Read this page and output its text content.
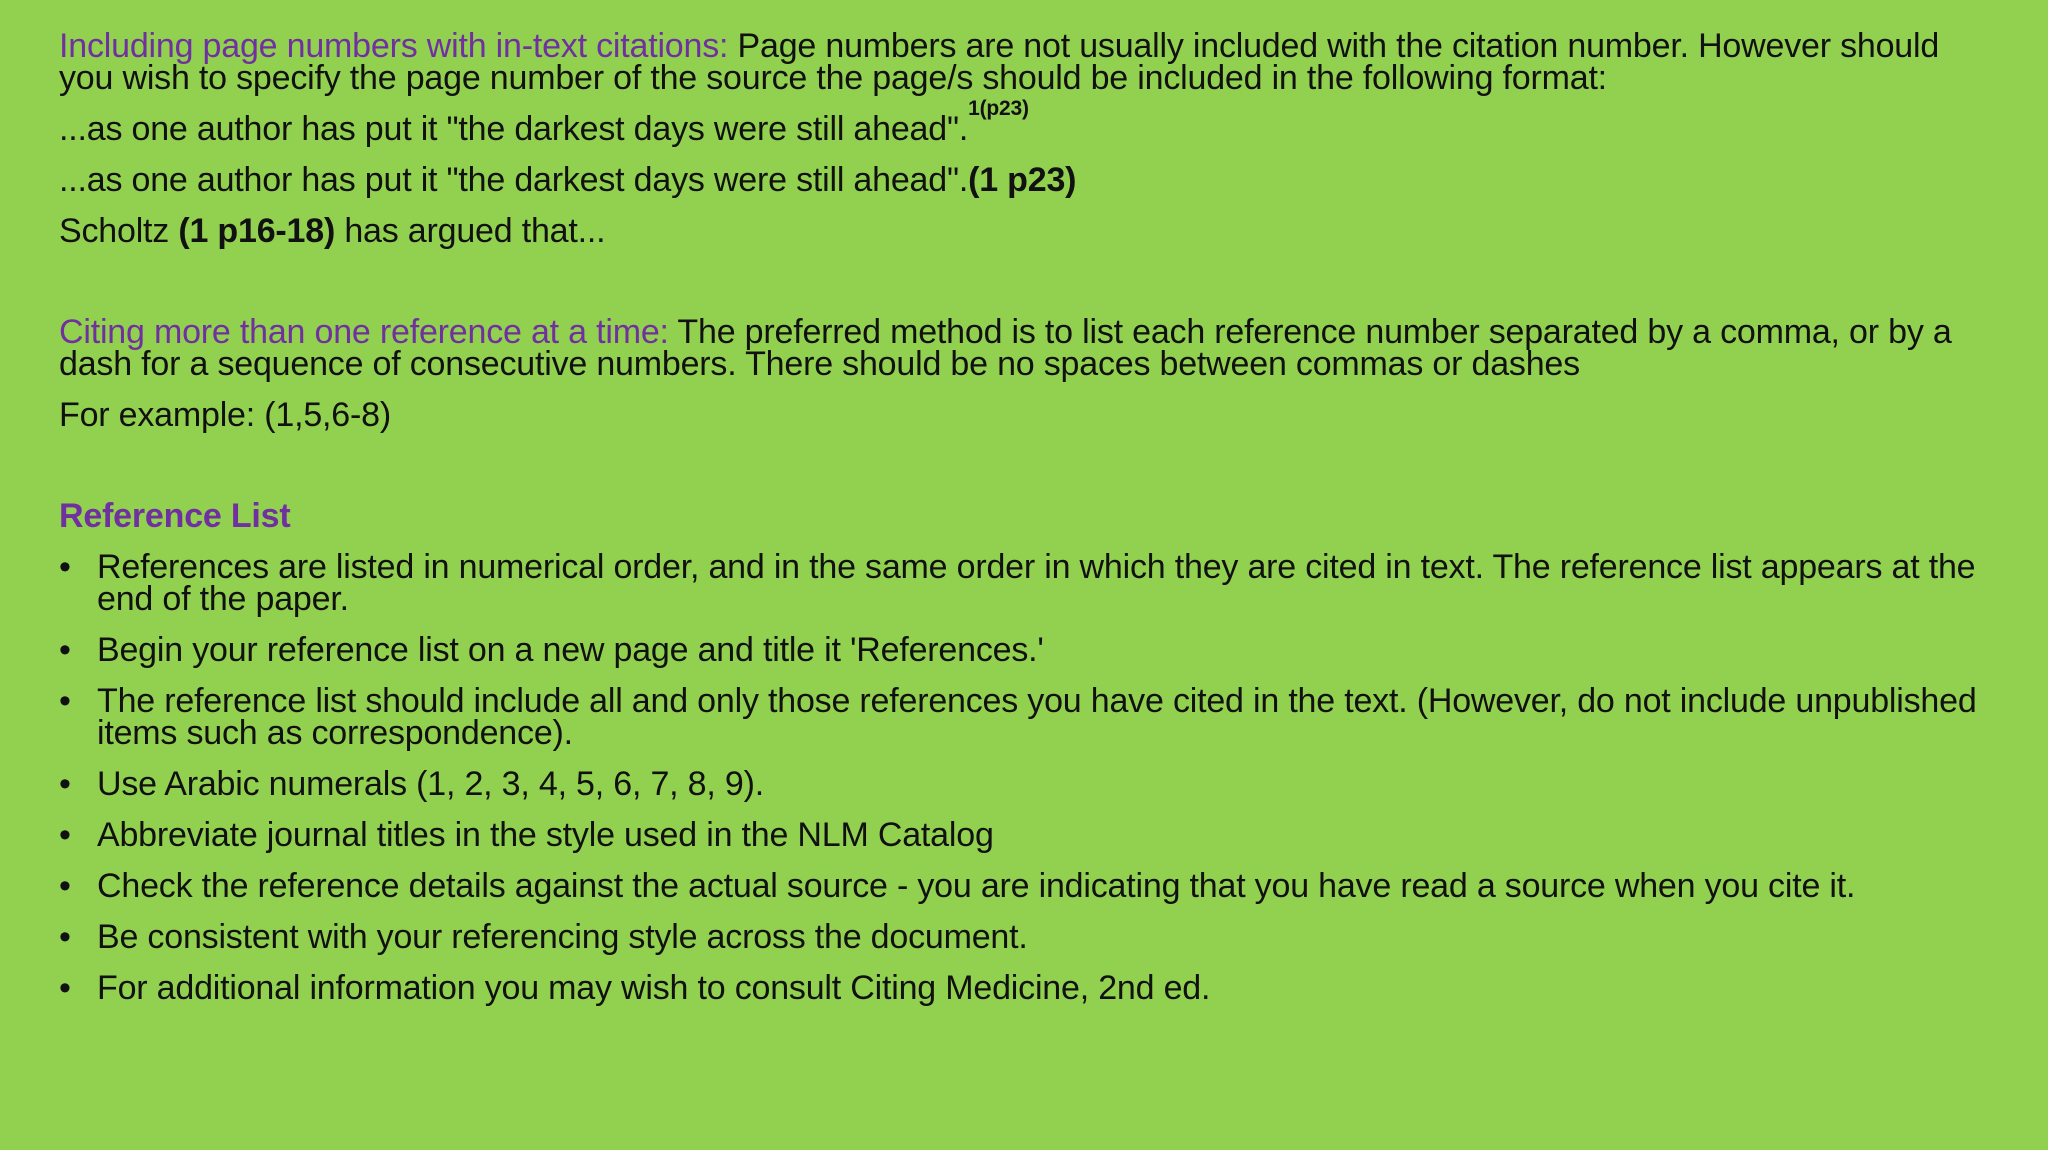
Including page numbers with in-text citations: Page numbers are not usually included with the citation number. However should you wish to specify the page number of the source the page/s should be included in the following format:

...as one author has put it "the darkest days were still ahead".$^{1(p23)}$

...as one author has put it "the darkest days were still ahead".(1 p23)

Scholtz (1 p16-18) has argued that...

Citing more than one reference at a time: The preferred method is to list each reference number separated by a comma, or by a dash for a sequence of consecutive numbers. There should be no spaces between commas or dashes

For example: (1,5,6-8)

Reference List
• References are listed in numerical order, and in the same order in which they are cited in text. The reference list appears at the end of the paper.
• Begin your reference list on a new page and title it 'References.'
• The reference list should include all and only those references you have cited in the text. (However, do not include unpublished items such as correspondence).
• Use Arabic numerals (1, 2, 3, 4, 5, 6, 7, 8, 9).
• Abbreviate journal titles in the style used in the NLM Catalog
• Check the reference details against the actual source - you are indicating that you have read a source when you cite it.
• Be consistent with your referencing style across the document.
• For additional information you may wish to consult Citing Medicine, 2nd ed.
